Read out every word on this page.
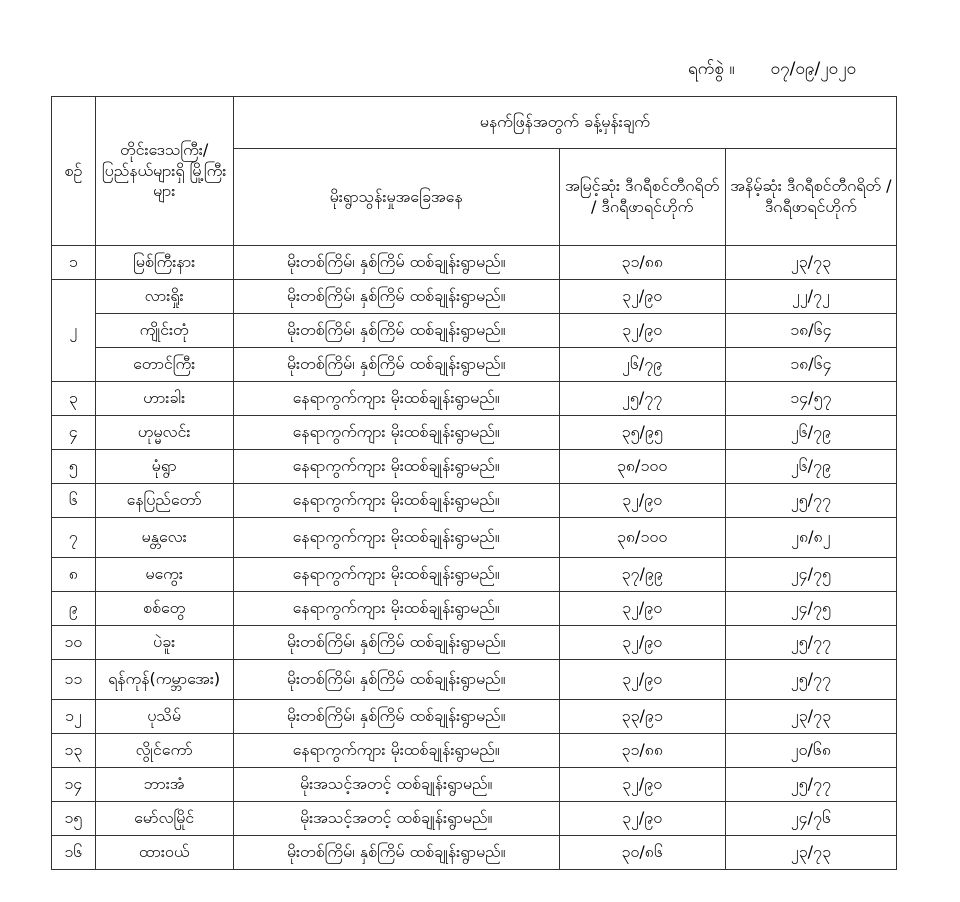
ရက်စွဲ ။ ၀၇/၀၉/၂၀၂၀
စဉ်	တိုင်းဒေသကြီး/ ပြည်နယ်များရှိ မြို့ကြီးများ	မနက်ဖြန်အတွက် ခန့်မှန်းချက်		
		မိုးရွာသွန်းမှုအခြေအနေ	အမြင့်ဆုံး ဒီဂရီစင်တီဂရိတ် / ဒီဂရီဖာရင်ဟိုက်	အနိမ့်ဆုံး ဒီဂရီစင်တီဂရိတ် / ဒီဂရီဖာရင်ဟိုက်
၁	မြစ်ကြီးနား	မိုးတစ်ကြိမ်၊ နှစ်ကြိမ် ထစ်ချုန်းရွာမည်။	၃၁/၈၈	၂၃/၇၃
၂	လားရှိုး	မိုးတစ်ကြိမ်၊ နှစ်ကြိမ် ထစ်ချုန်းရွာမည်။	၃၂/၉၀	၂၂/၇၂
	ကျိုင်းတုံ	မိုးတစ်ကြိမ်၊ နှစ်ကြိမ် ထစ်ချုန်းရွာမည်။	၃၂/၉၀	၁၈/၆၄
	တောင်ကြီး	မိုးတစ်ကြိမ်၊ နှစ်ကြိမ် ထစ်ချုန်းရွာမည်။	၂၆/၇၉	၁၈/၆၄
၃	ဟားခါး	နေရာကွက်ကျား မိုးထစ်ချုန်းရွာမည်။	၂၅/၇၇	၁၄/၅၇
၄	ဟုမ္မလင်း	နေရာကွက်ကျား မိုးထစ်ချုန်းရွာမည်။	၃၅/၉၅	၂၆/၇၉
၅	မုံရွာ	နေရာကွက်ကျား မိုးထစ်ချုန်းရွာမည်။	၃၈/၁၀၀	၂၆/၇၉
၆	နေပြည်တော်	နေရာကွက်ကျား မိုးထစ်ချုန်းရွာမည်။	၃၂/၉၀	၂၅/၇၇
၇	မန္တလေး	နေရာကွက်ကျား မိုးထစ်ချုန်းရွာမည်။	၃၈/၁၀၀	၂၈/၈၂
၈	မကွေး	နေရာကွက်ကျား မိုးထစ်ချုန်းရွာမည်။	၃၇/၉၉	၂၄/၇၅
၉	စစ်တွေ	နေရာကွက်ကျား မိုးထစ်ချုန်းရွာမည်။	၃၂/၉၀	၂၄/၇၅
၁၀	ပဲခူး	မိုးတစ်ကြိမ်၊ နှစ်ကြိမ် ထစ်ချုန်းရွာမည်။	၃၂/၉၀	၂၅/၇၇
၁၁	ရန်ကုန်(ကမ္ဘာအေး)	မိုးတစ်ကြိမ်၊ နှစ်ကြိမ် ထစ်ချုန်းရွာမည်။	၃၂/၉၀	၂၅/၇၇
၁၂	ပုသိမ်	မိုးတစ်ကြိမ်၊ နှစ်ကြိမ် ထစ်ချုန်းရွာမည်။	၃၃/၉၁	၂၃/၇၃
၁၃	လွိုင်ကော်	နေရာကွက်ကျား မိုးထစ်ချုန်းရွာမည်။	၃၁/၈၈	၂၀/၆၈
၁၄	ဘားအံ	မိုးအသင့်အတင့် ထစ်ချုန်းရွာမည်။	၃၂/၉၀	၂၅/၇၇
၁၅	မော်လမြိုင်	မိုးအသင့်အတင့် ထစ်ချုန်းရွာမည်။	၃၂/၉၀	၂၄/၇၆
၁၆	ထားဝယ်	မိုးတစ်ကြိမ်၊ နှစ်ကြိမ် ထစ်ချုန်းရွာမည်။	၃၀/၈၆	၂၃/၇၃
